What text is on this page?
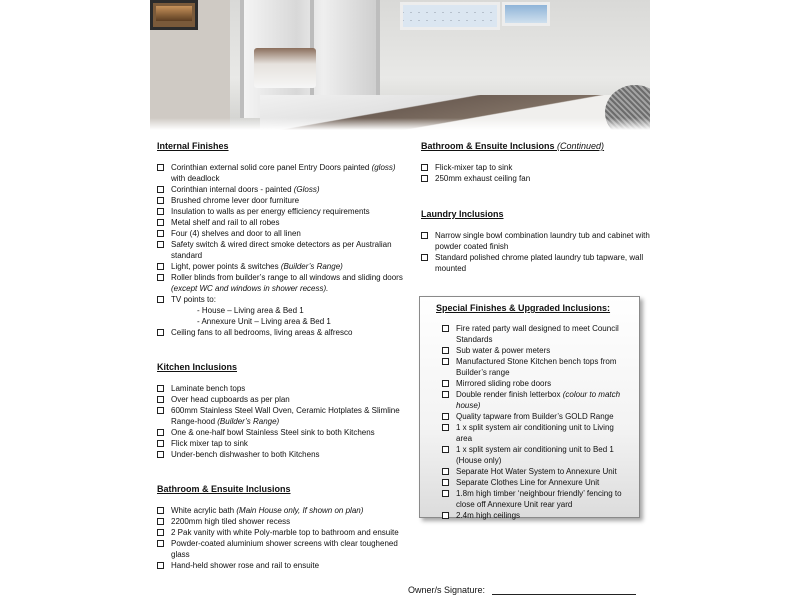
Internal Finishes
Corinthian external solid core panel Entry Doors painted (gloss) with deadlock
Corinthian internal doors - painted (Gloss)
Brushed chrome lever door furniture
Insulation to walls as per energy efficiency requirements
Metal shelf and rail to all robes
Four (4) shelves and door to all linen
Safety switch & wired direct smoke detectors as per Australian standard
Light, power points & switches (Builder’s Range)
Roller blinds from builder’s range to all windows and sliding doors (except WC and windows in shower recess).
TV points to:
- House – Living area & Bed 1
- Annexure Unit – Living area & Bed 1
Ceiling fans to all bedrooms, living areas & alfresco
Kitchen Inclusions
Laminate bench tops
Over head cupboards as per plan
600mm Stainless Steel Wall Oven, Ceramic Hotplates & Slimline Range-hood (Builder’s Range)
One & one-half bowl Stainless Steel sink to both Kitchens
Flick mixer tap to sink
Under-bench dishwasher to both Kitchens
Bathroom & Ensuite Inclusions
White acrylic bath (Main House only, If shown on plan)
2200mm high tiled shower recess
2 Pak vanity with white Poly-marble top to bathroom and ensuite
Powder-coated aluminium shower screens with clear toughened glass
Hand-held shower rose and rail to ensuite
Bathroom & Ensuite Inclusions (Continued)
Flick-mixer tap to sink
250mm exhaust ceiling fan
Laundry Inclusions
Narrow single bowl combination laundry tub and cabinet with powder coated finish
Standard polished chrome plated laundry tub tapware, wall mounted
Special Finishes & Upgraded Inclusions:
Fire rated party wall designed to meet Council Standards
Sub water & power meters
Manufactured Stone Kitchen bench tops from Builder’s range
Mirrored sliding robe doors
Double render finish letterbox (colour to match house)
Quality tapware from Builder’s GOLD Range
1 x split system air conditioning unit to Living area
1 x split system air conditioning unit to Bed 1 (House only)
Separate Hot Water System to Annexure Unit
Separate Clothes Line for Annexure Unit
1.8m high timber ‘neighbour friendly’ fencing to close off Annexure Unit rear yard
2.4m high ceilings
Owner/s Signature:
